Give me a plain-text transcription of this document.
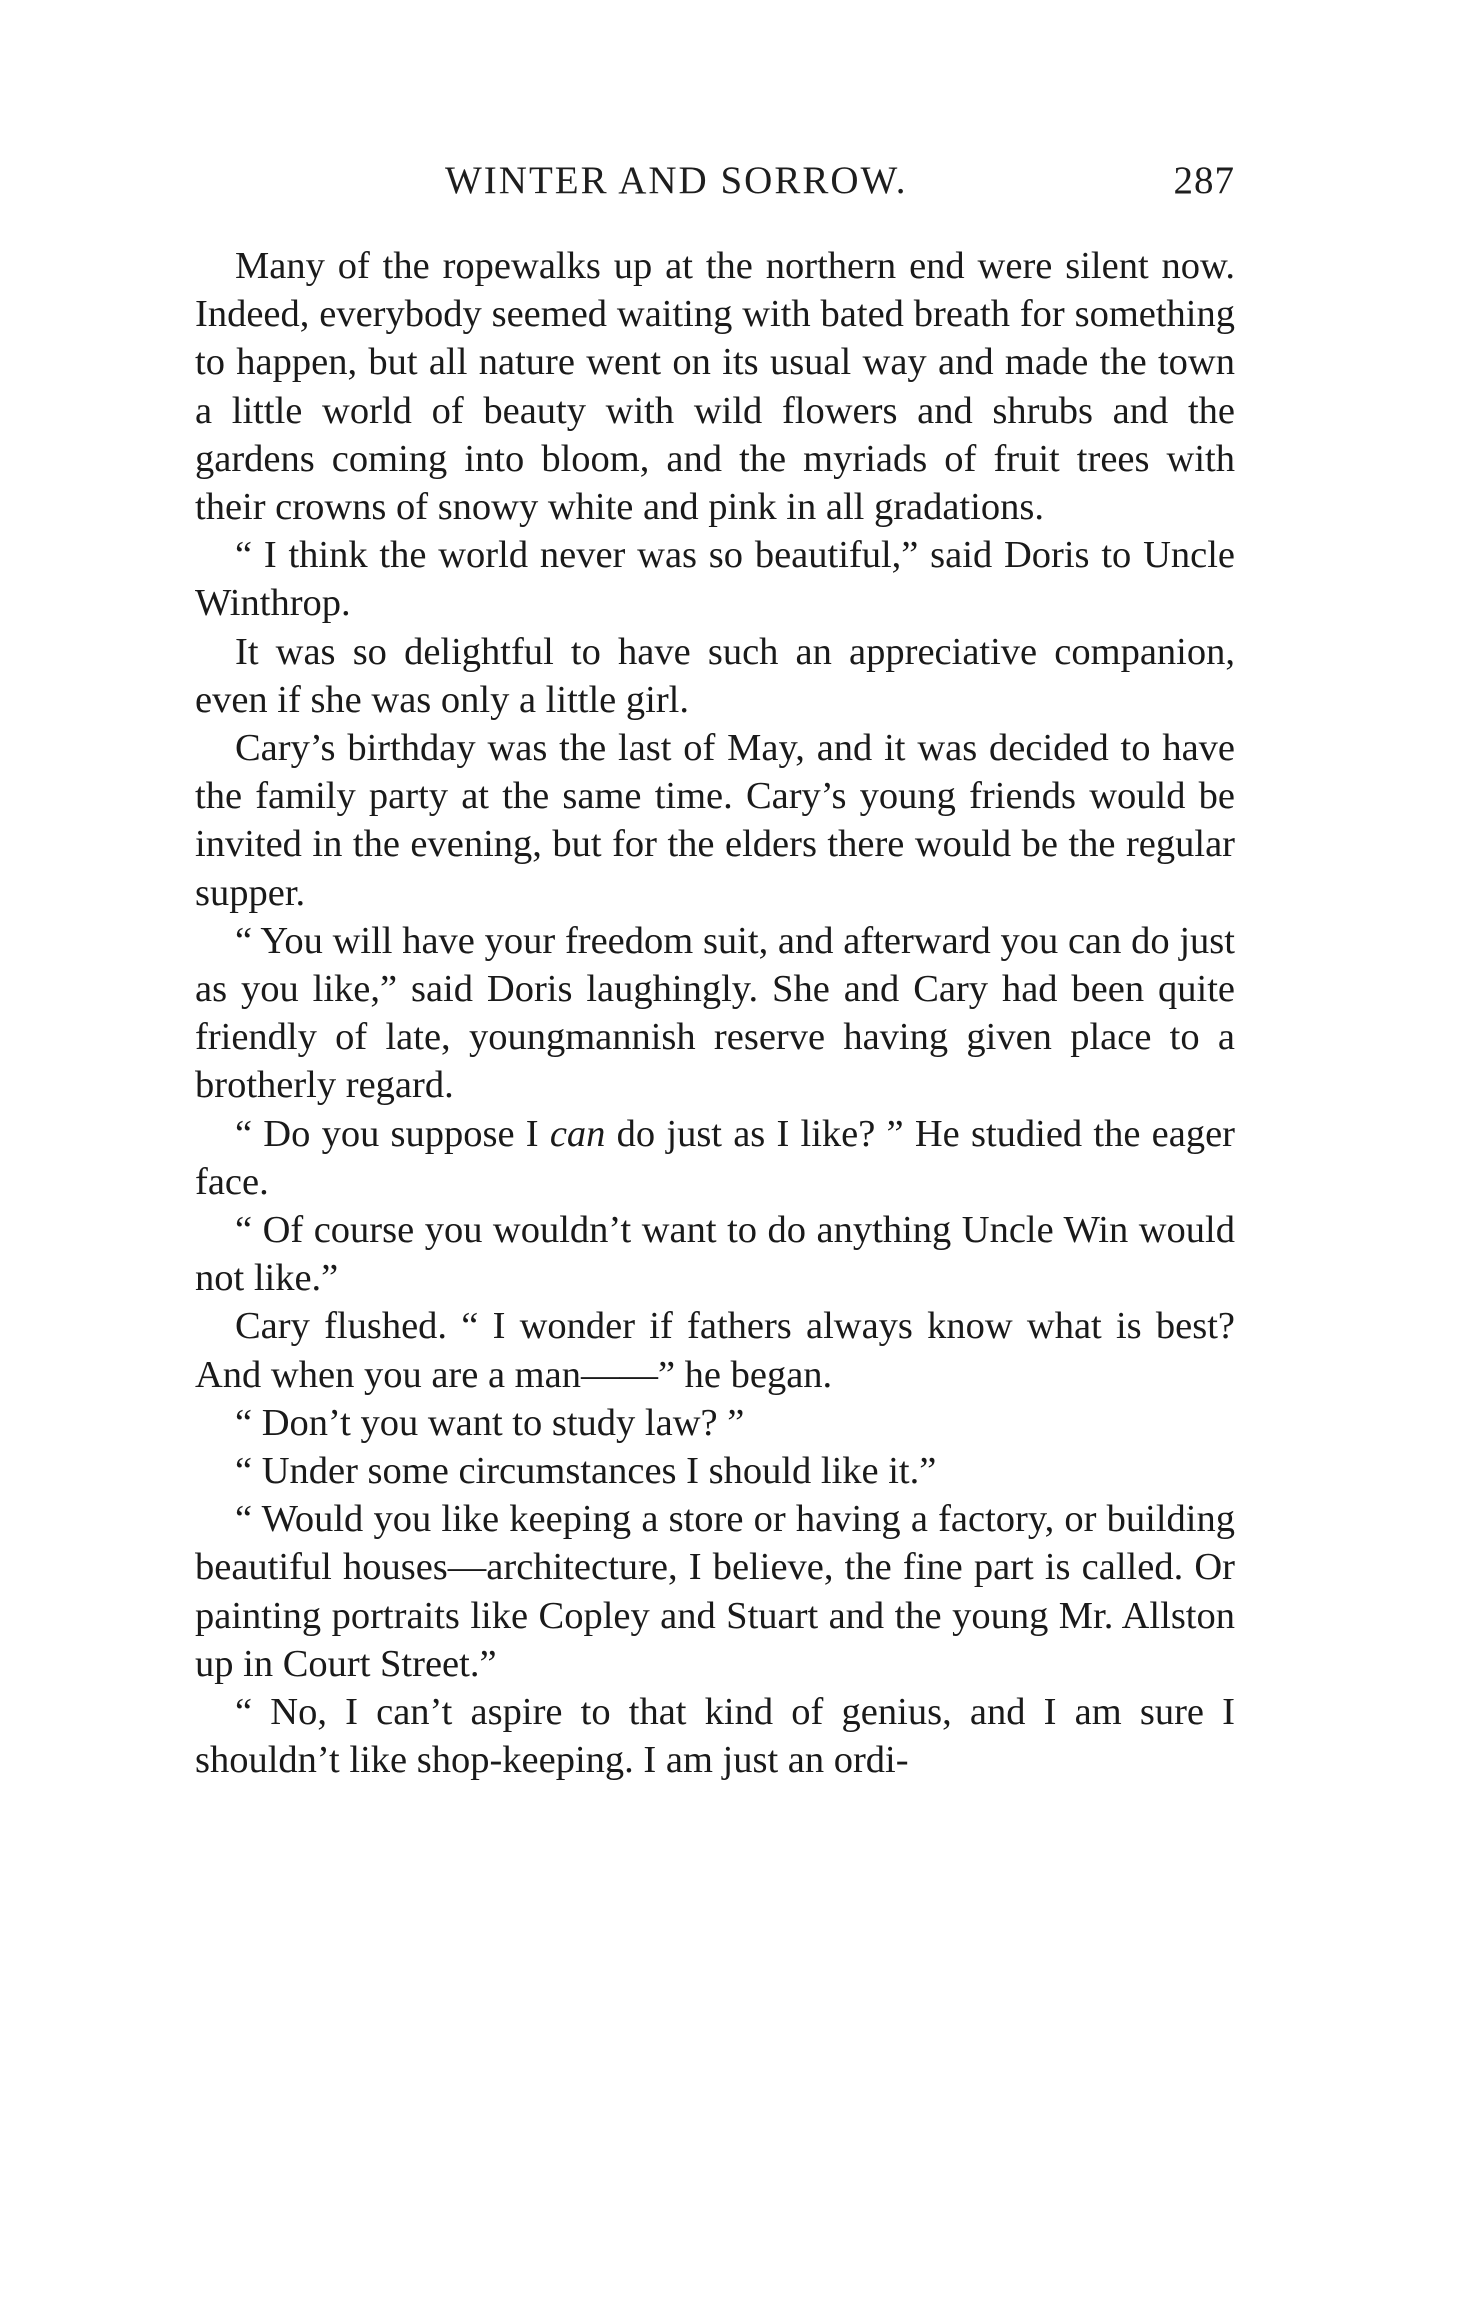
WINTER AND SORROW.	287

Many of the ropewalks up at the northern end were silent now. Indeed, everybody seemed waiting with bated breath for something to happen, but all nature went on its usual way and made the town a little world of beauty with wild flowers and shrubs and the gardens coming into bloom, and the myriads of fruit trees with their crowns of snowy white and pink in all gradations.

“ I think the world never was so beautiful,” said Doris to Uncle Winthrop.

It was so delightful to have such an appreciative companion, even if she was only a little girl.

Cary’s birthday was the last of May, and it was decided to have the family party at the same time. Cary’s young friends would be invited in the evening, but for the elders there would be the regular supper.

“ You will have your freedom suit, and afterward you can do just as you like,” said Doris laughingly. She and Cary had been quite friendly of late, youngmannish reserve having given place to a brotherly regard.

“ Do you suppose I can do just as I like? ” He studied the eager face.

“ Of course you wouldn’t want to do anything Uncle Win would not like.”

Cary flushed. “ I wonder if fathers always know what is best? And when you are a man——” he began.

“ Don’t you want to study law? ”

“ Under some circumstances I should like it.”

“ Would you like keeping a store or having a factory, or building beautiful houses—architecture, I believe, the fine part is called. Or painting portraits like Copley and Stuart and the young Mr. Allston up in Court Street.”

“ No, I can’t aspire to that kind of genius, and I am sure I shouldn’t like shop-keeping. I am just an ordi-
